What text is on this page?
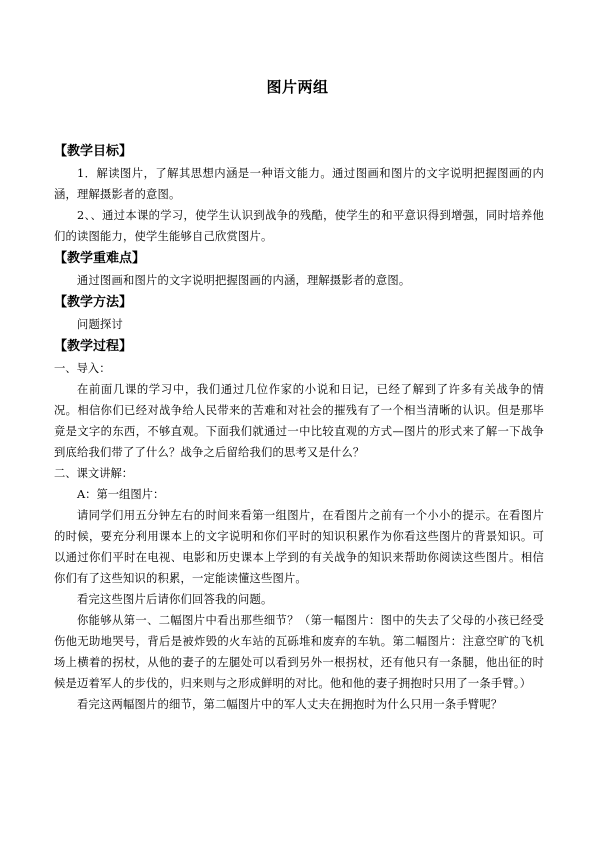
图片两组
【教学目标】

1．解读图片，了解其思想内涵是一种语文能力。通过图画和图片的文字说明把握图画的内涵，理解摄影者的意图。

2、、通过本课的学习，使学生认识到战争的残酷，使学生的和平意识得到增强，同时培养他们的读图能力，使学生能够自己欣赏图片。

【教学重难点】

通过图画和图片的文字说明把握图画的内涵，理解摄影者的意图。

【教学方法】

问题探讨

【教学过程】

一、导入：

在前面几课的学习中，我们通过几位作家的小说和日记，已经了解到了许多有关战争的情况。相信你们已经对战争给人民带来的苦难和对社会的摧残有了一个相当清晰的认识。但是那毕竟是文字的东西，不够直观。下面我们就通过一中比较直观的方式—图片的形式来了解一下战争到底给我们带了了什么？战争之后留给我们的思考又是什么？

二、课文讲解：

A：第一组图片：

请同学们用五分钟左右的时间来看第一组图片，在看图片之前有一个小小的提示。在看图片的时候，要充分利用课本上的文字说明和你们平时的知识积累作为你看这些图片的背景知识。可以通过你们平时在电视、电影和历史课本上学到的有关战争的知识来帮助你阅读这些图片。相信你们有了这些知识的积累，一定能读懂这些图片。

看完这些图片后请你们回答我的问题。

你能够从第一、二幅图片中看出那些细节？（第一幅图片：图中的失去了父母的小孩已经受伤他无助地哭号，背后是被炸毁的火车站的瓦砾堆和废弃的车轨。第二幅图片：注意空旷的飞机场上横着的拐杖，从他的妻子的左腿处可以看到另外一根拐杖，还有他只有一条腿，他出征的时候是迈着军人的步伐的，归来则与之形成鲜明的对比。他和他的妻子拥抱时只用了一条手臂。）

看完这两幅图片的细节，第二幅图片中的军人丈夫在拥抱时为什么只用一条手臂呢？
